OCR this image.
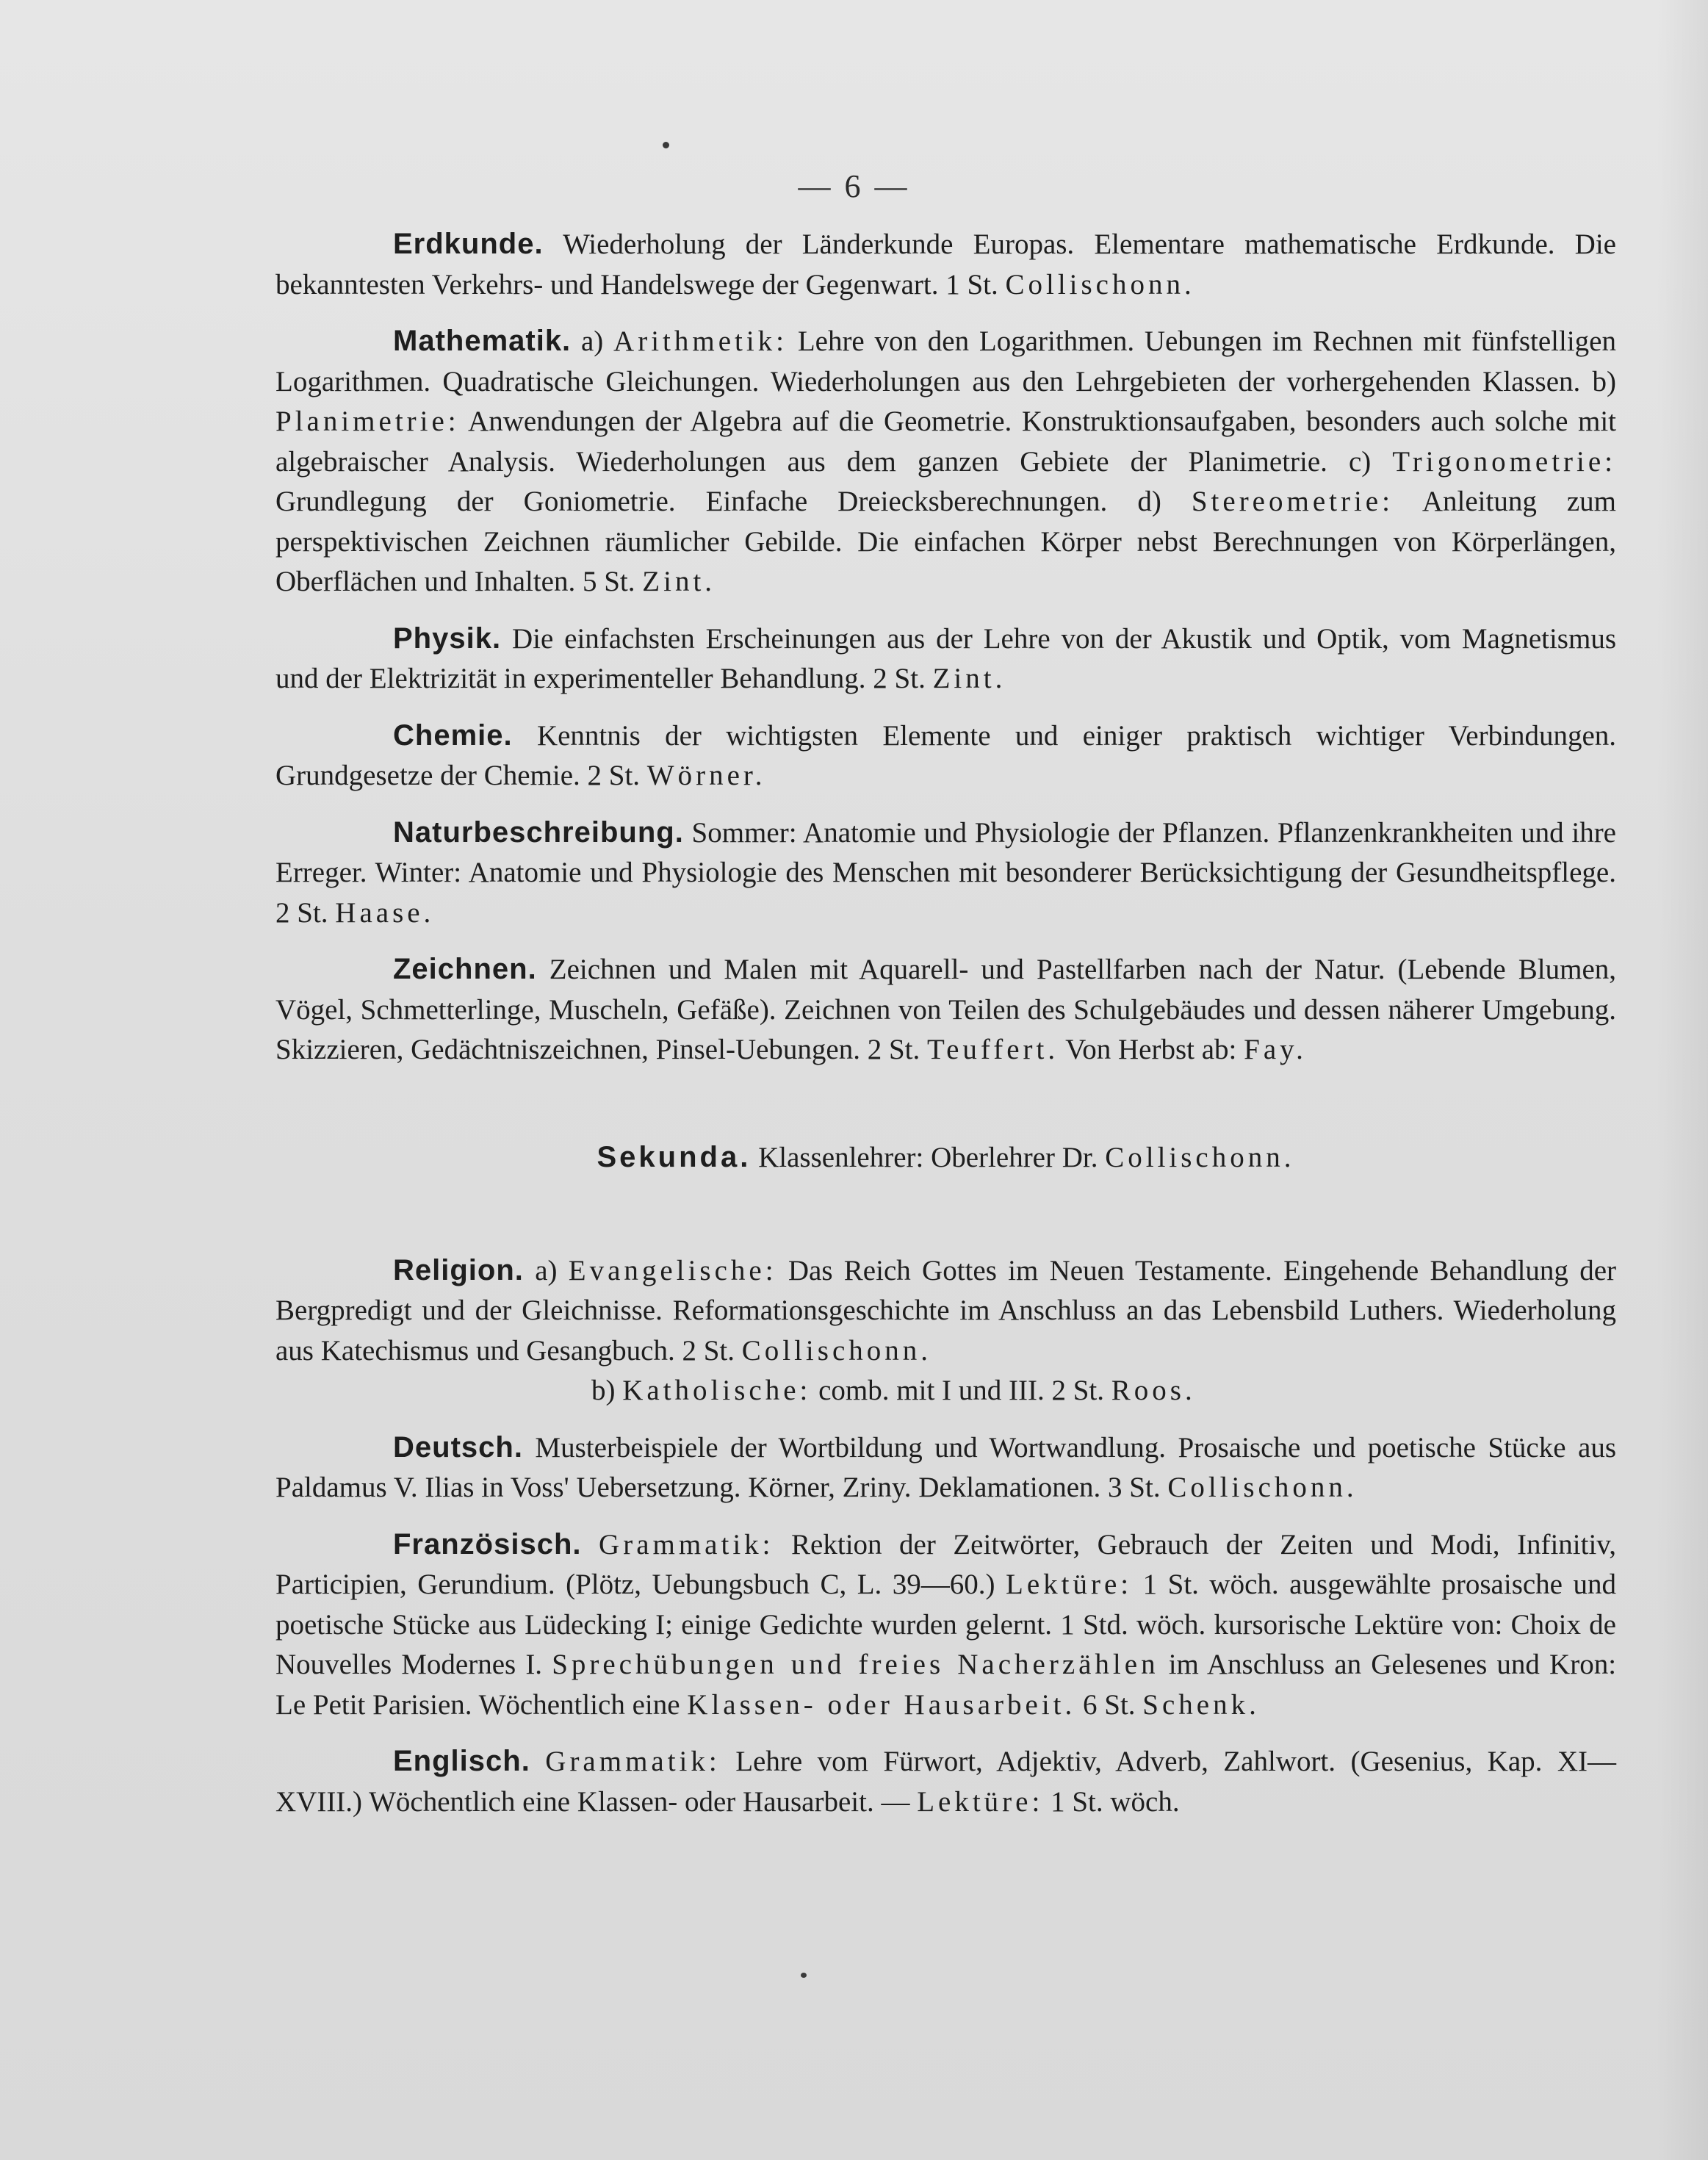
— 6 —

Erdkunde. Wiederholung der Länderkunde Europas. Elementare mathematische Erdkunde. Die bekanntesten Verkehrs- und Handelswege der Gegenwart. 1 St. Collischonn.

Mathematik. a) Arithmetik: Lehre von den Logarithmen. Uebungen im Rechnen mit fünfstelligen Logarithmen. Quadratische Gleichungen. Wiederholungen aus den Lehrgebieten der vorhergehenden Klassen. b) Planimetrie: Anwendungen der Algebra auf die Geometrie. Konstruktionsaufgaben, besonders auch solche mit algebraischer Analysis. Wiederholungen aus dem ganzen Gebiete der Planimetrie. c) Trigonometrie: Grundlegung der Goniometrie. Einfache Dreiecksberechnungen. d) Stereometrie: Anleitung zum perspektivischen Zeichnen räumlicher Gebilde. Die einfachen Körper nebst Berechnungen von Körperlängen, Oberflächen und Inhalten. 5 St. Zint.

Physik. Die einfachsten Erscheinungen aus der Lehre von der Akustik und Optik, vom Magnetismus und der Elektrizität in experimenteller Behandlung. 2 St. Zint.

Chemie. Kenntnis der wichtigsten Elemente und einiger praktisch wichtiger Verbindungen. Grundgesetze der Chemie. 2 St. Wörner.

Naturbeschreibung. Sommer: Anatomie und Physiologie der Pflanzen. Pflanzenkrankheiten und ihre Erreger. Winter: Anatomie und Physiologie des Menschen mit besonderer Berücksichtigung der Gesundheitspflege. 2 St. Haase.

Zeichnen. Zeichnen und Malen mit Aquarell- und Pastellfarben nach der Natur. (Lebende Blumen, Vögel, Schmetterlinge, Muscheln, Gefäße). Zeichnen von Teilen des Schulgebäudes und dessen näherer Umgebung. Skizzieren, Gedächtniszeichnen, Pinsel-Uebungen. 2 St. Teuffert. Von Herbst ab: Fay.

Sekunda. Klassenlehrer: Oberlehrer Dr. Collischonn.

Religion. a) Evangelische: Das Reich Gottes im Neuen Testamente. Eingehende Behandlung der Bergpredigt und der Gleichnisse. Reformationsgeschichte im Anschluss an das Lebensbild Luthers. Wiederholung aus Katechismus und Gesangbuch. 2 St. Collischonn.

b) Katholische: comb. mit I und III. 2 St. Roos.

Deutsch. Musterbeispiele der Wortbildung und Wortwandlung. Prosaische und poetische Stücke aus Paldamus V. Ilias in Voss' Uebersetzung. Körner, Zriny. Deklamationen. 3 St. Collischonn.

Französisch. Grammatik: Rektion der Zeitwörter, Gebrauch der Zeiten und Modi, Infinitiv, Participien, Gerundium. (Plötz, Uebungsbuch C, L. 39—60.) Lektüre: 1 St. wöch. ausgewählte prosaische und poetische Stücke aus Lüdecking I; einige Gedichte wurden gelernt. 1 Std. wöch. kursorische Lektüre von: Choix de Nouvelles Modernes I. Sprechübungen und freies Nacherzählen im Anschluss an Gelesenes und Kron: Le Petit Parisien. Wöchentlich eine Klassen- oder Hausarbeit. 6 St. Schenk.

Englisch. Grammatik: Lehre vom Fürwort, Adjektiv, Adverb, Zahlwort. (Gesenius, Kap. XI—XVIII.) Wöchentlich eine Klassen- oder Hausarbeit. — Lektüre: 1 St. wöch.
